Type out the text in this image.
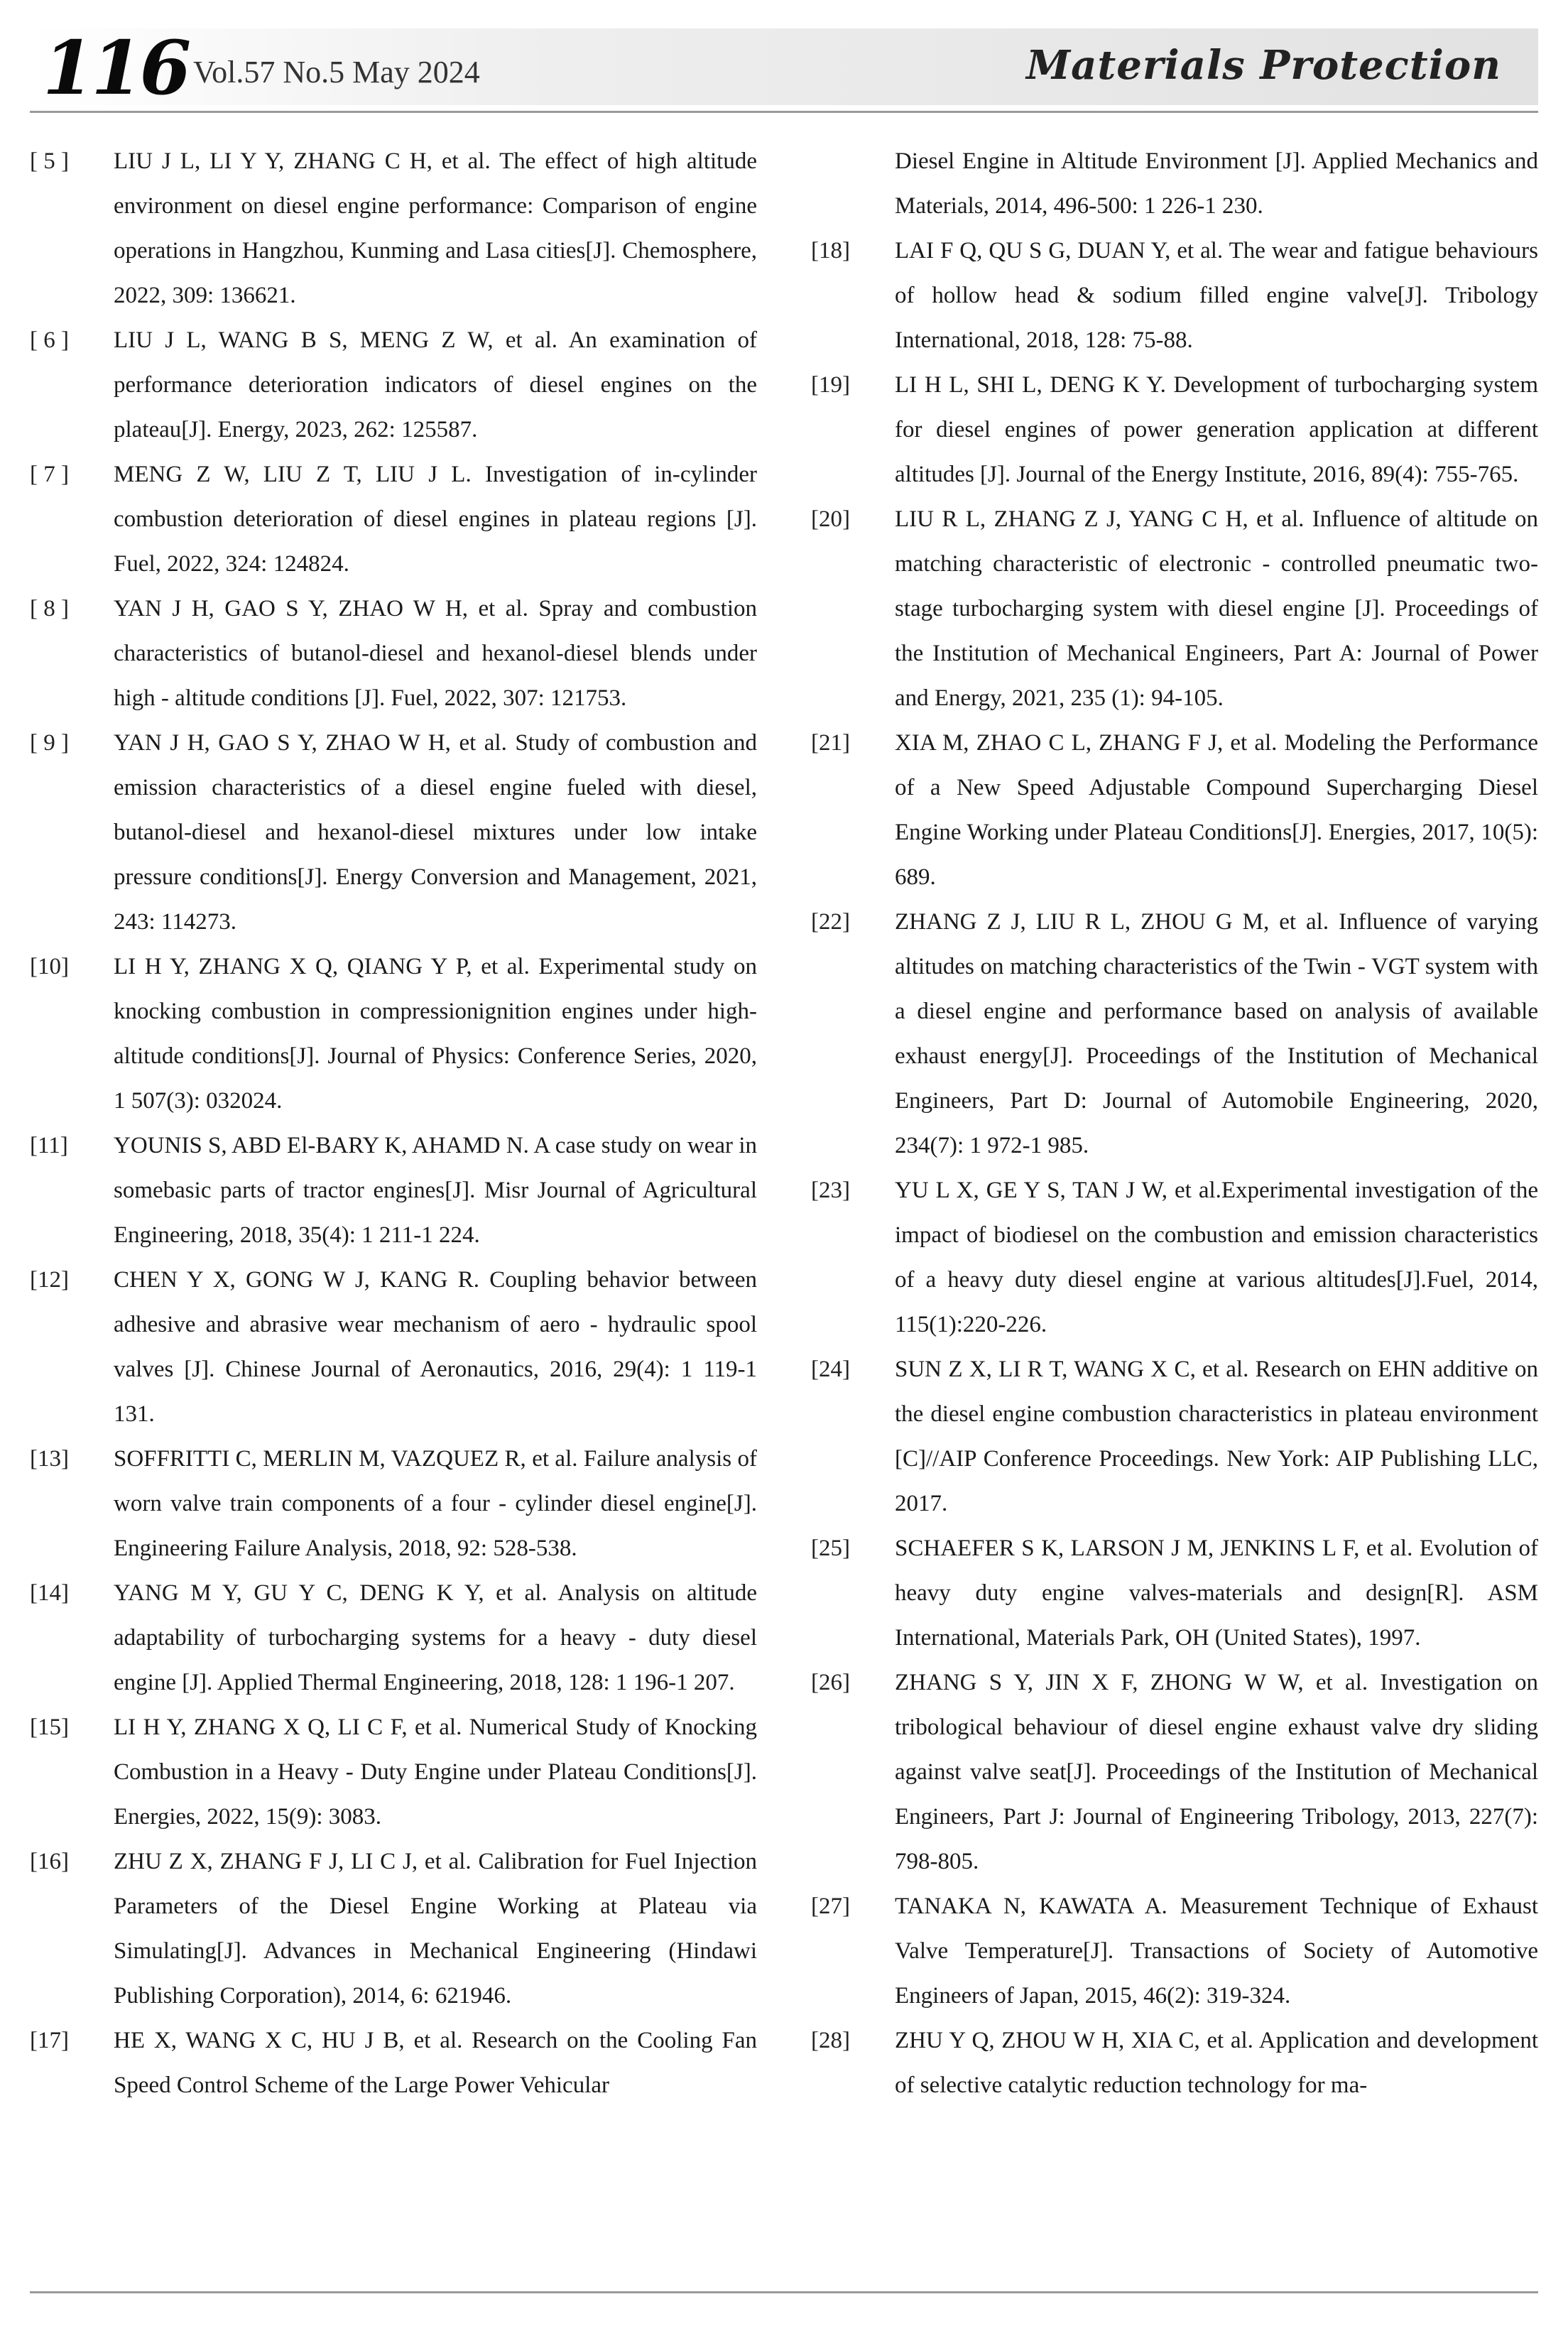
116 Vol.57 No.5 May 2024	Materials Protection
[ 5 ]	LIU J L, LI Y Y, ZHANG C H, et al. The effect of high altitude environment on diesel engine performance: Comparison of engine operations in Hangzhou, Kunming and Lasa cities[J]. Chemosphere, 2022, 309: 136621.
[ 6 ]	LIU J L, WANG B S, MENG Z W, et al. An examination of performance deterioration indicators of diesel engines on the plateau[J]. Energy, 2023, 262: 125587.
[ 7 ]	MENG Z W, LIU Z T, LIU J L. Investigation of in-cylinder combustion deterioration of diesel engines in plateau regions [J]. Fuel, 2022, 324: 124824.
[ 8 ]	YAN J H, GAO S Y, ZHAO W H, et al. Spray and combustion characteristics of butanol-diesel and hexanol-diesel blends under high - altitude conditions [J]. Fuel, 2022, 307: 121753.
[ 9 ]	YAN J H, GAO S Y, ZHAO W H, et al. Study of combustion and emission characteristics of a diesel engine fueled with diesel, butanol-diesel and hexanol-diesel mixtures under low intake pressure conditions[J]. Energy Conversion and Management, 2021, 243: 114273.
[10]	LI H Y, ZHANG X Q, QIANG Y P, et al. Experimental study on knocking combustion in compressionignition engines under high-altitude conditions[J]. Journal of Physics: Conference Series, 2020, 1 507(3): 032024.
[11]	YOUNIS S, ABD El-BARY K, AHAMD N. A case study on wear in somebasic parts of tractor engines[J]. Misr Journal of Agricultural Engineering, 2018, 35(4): 1 211-1 224.
[12]	CHEN Y X, GONG W J, KANG R. Coupling behavior between adhesive and abrasive wear mechanism of aero - hydraulic spool valves [J]. Chinese Journal of Aeronautics, 2016, 29(4): 1 119-1 131.
[13]	SOFFRITTI C, MERLIN M, VAZQUEZ R, et al. Failure analysis of worn valve train components of a four - cylinder diesel engine[J]. Engineering Failure Analysis, 2018, 92: 528-538.
[14]	YANG M Y, GU Y C, DENG K Y, et al. Analysis on altitude adaptability of turbocharging systems for a heavy - duty diesel engine [J]. Applied Thermal Engineering, 2018, 128: 1 196-1 207.
[15]	LI H Y, ZHANG X Q, LI C F, et al. Numerical Study of Knocking Combustion in a Heavy - Duty Engine under Plateau Conditions[J]. Energies, 2022, 15(9): 3083.
[16]	ZHU Z X, ZHANG F J, LI C J, et al. Calibration for Fuel Injection Parameters of the Diesel Engine Working at Plateau via Simulating[J]. Advances in Mechanical Engineering (Hindawi Publishing Corporation), 2014, 6: 621946.
[17]	HE X, WANG X C, HU J B, et al. Research on the Cooling Fan Speed Control Scheme of the Large Power Vehicular
Diesel Engine in Altitude Environment [J]. Applied Mechanics and Materials, 2014, 496-500: 1 226-1 230.
[18]	LAI F Q, QU S G, DUAN Y, et al. The wear and fatigue behaviours of hollow head & sodium filled engine valve[J]. Tribology International, 2018, 128: 75-88.
[19]	LI H L, SHI L, DENG K Y. Development of turbocharging system for diesel engines of power generation application at different altitudes [J]. Journal of the Energy Institute, 2016, 89(4): 755-765.
[20]	LIU R L, ZHANG Z J, YANG C H, et al. Influence of altitude on matching characteristic of electronic - controlled pneumatic two-stage turbocharging system with diesel engine [J]. Proceedings of the Institution of Mechanical Engineers, Part A: Journal of Power and Energy, 2021, 235 (1): 94-105.
[21]	XIA M, ZHAO C L, ZHANG F J, et al. Modeling the Performance of a New Speed Adjustable Compound Supercharging Diesel Engine Working under Plateau Conditions[J]. Energies, 2017, 10(5): 689.
[22]	ZHANG Z J, LIU R L, ZHOU G M, et al. Influence of varying altitudes on matching characteristics of the Twin - VGT system with a diesel engine and performance based on analysis of available exhaust energy[J]. Proceedings of the Institution of Mechanical Engineers, Part D: Journal of Automobile Engineering, 2020, 234(7): 1 972-1 985.
[23]	YU L X, GE Y S, TAN J W, et al.Experimental investigation of the impact of biodiesel on the combustion and emission characteristics of a heavy duty diesel engine at various altitudes[J].Fuel, 2014, 115(1):220-226.
[24]	SUN Z X, LI R T, WANG X C, et al. Research on EHN additive on the diesel engine combustion characteristics in plateau environment [C]//AIP Conference Proceedings. New York: AIP Publishing LLC, 2017.
[25]	SCHAEFER S K, LARSON J M, JENKINS L F, et al. Evolution of heavy duty engine valves-materials and design[R]. ASM International, Materials Park, OH (United States), 1997.
[26]	ZHANG S Y, JIN X F, ZHONG W W, et al. Investigation on tribological behaviour of diesel engine exhaust valve dry sliding against valve seat[J]. Proceedings of the Institution of Mechanical Engineers, Part J: Journal of Engineering Tribology, 2013, 227(7): 798-805.
[27]	TANAKA N, KAWATA A. Measurement Technique of Exhaust Valve Temperature[J]. Transactions of Society of Automotive Engineers of Japan, 2015, 46(2): 319-324.
[28]	ZHU Y Q, ZHOU W H, XIA C, et al. Application and development of selective catalytic reduction technology for ma-
